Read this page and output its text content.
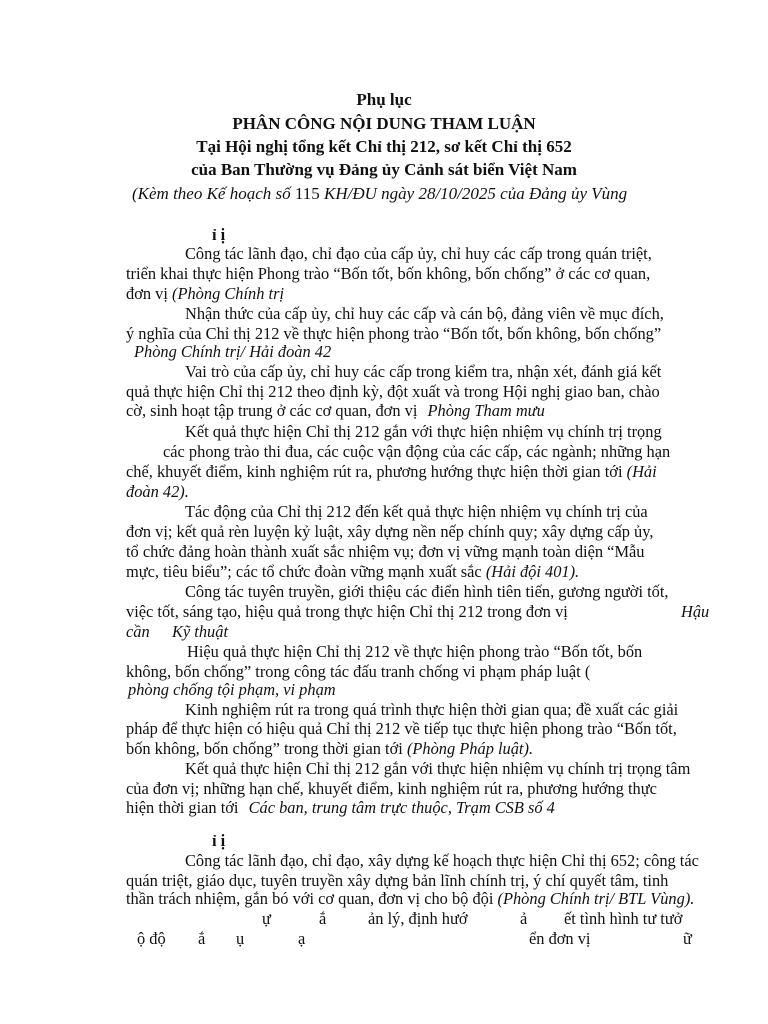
Phụ lục
PHÂN CÔNG NỘI DUNG THAM LUẬN
Tại Hội nghị tổng kết Chỉ thị 212, sơ kết Chỉ thị 652
của Ban Thường vụ Đảng ủy Cảnh sát biển Việt Nam
(Kèm theo Kế hoạch số 115 KH/ĐU ngày 28/10/2025 của Đảng ủy Vùng
ỉ ị
Công tác lãnh đạo, chỉ đạo của cấp ủy, chỉ huy các cấp trong quán triệt,
triển khai thực hiện Phong trào “Bốn tốt, bốn không, bốn chống” ở các cơ quan,
đơn vị (Phòng Chính trị
Nhận thức của cấp ủy, chỉ huy các cấp và cán bộ, đảng viên về mục đích,
ý nghĩa của Chỉ thị 212 về thực hiện phong trào “Bốn tốt, bốn không, bốn chống”
Phòng Chính trị/ Hải đoàn 42
Vai trò của cấp ủy, chỉ huy các cấp trong kiểm tra, nhận xét, đánh giá kết
quả thực hiện Chỉ thị 212 theo định kỳ, đột xuất và trong Hội nghị giao ban, chào
cờ, sinh hoạt tập trung ở các cơ quan, đơn vị Phòng Tham mưu
Kết quả thực hiện Chỉ thị 212 gắn với thực hiện nhiệm vụ chính trị trọng
các phong trào thi đua, các cuộc vận động của các cấp, các ngành; những hạn
chế, khuyết điểm, kinh nghiệm rút ra, phương hướng thực hiện thời gian tới (Hải
đoàn 42).
Tác động của Chỉ thị 212 đến kết quả thực hiện nhiệm vụ chính trị của
đơn vị; kết quả rèn luyện kỷ luật, xây dựng nền nếp chính quy; xây dựng cấp ủy,
tổ chức đảng hoàn thành xuất sắc nhiệm vụ; đơn vị vững mạnh toàn diện “Mẫu
mực, tiêu biểu”; các tổ chức đoàn vững mạnh xuất sắc (Hải đội 401).
Công tác tuyên truyền, giới thiệu các điển hình tiên tiến, gương người tốt,
việc tốt, sáng tạo, hiệu quả trong thực hiện Chỉ thị 212 trong đơn vị	Hậu
cần Kỹ thuật
Hiệu quả thực hiện Chỉ thị 212 về thực hiện phong trào “Bốn tốt, bốn
không, bốn chống” trong công tác đấu tranh chống vi phạm pháp luật (
phòng chống tội phạm, vi phạm
Kinh nghiệm rút ra trong quá trình thực hiện thời gian qua; đề xuất các giải
pháp để thực hiện có hiệu quả Chỉ thị 212 về tiếp tục thực hiện phong trào “Bốn tốt,
bốn không, bốn chống” trong thời gian tới (Phòng Pháp luật).
Kết quả thực hiện Chỉ thị 212 gắn với thực hiện nhiệm vụ chính trị trọng tâm
của đơn vị; những hạn chế, khuyết điểm, kinh nghiệm rút ra, phương hướng thực
hiện thời gian tới Các ban, trung tâm trực thuộc, Trạm CSB số 4
ỉ ị
Công tác lãnh đạo, chỉ đạo, xây dựng kế hoạch thực hiện Chỉ thị 652; công tác
quán triệt, giáo dục, tuyên truyền xây dựng bản lĩnh chính trị, ý chí quyết tâm, tinh
thần trách nhiệm, gắn bó với cơ quan, đơn vị cho bộ đội (Phòng Chính trị/ BTL Vùng).
ự	ắ	ản lý, định hướ	ả ết tình hình tư tưở
ộ độ ắ ụ	ạ	ển đơn vị	ữ
